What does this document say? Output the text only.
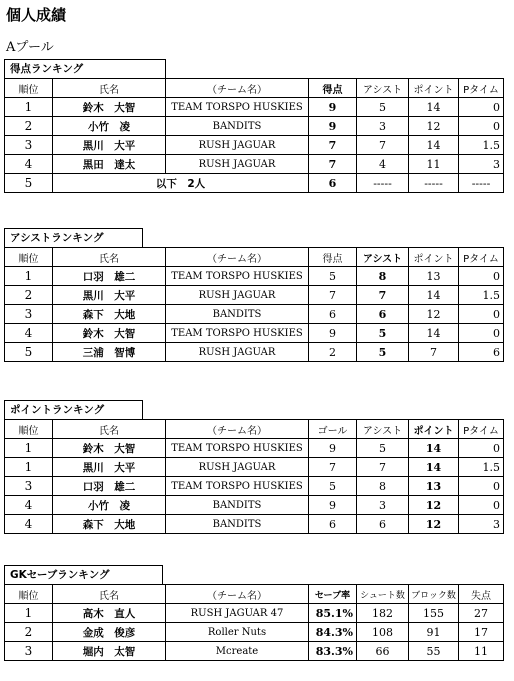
個人成績
Aプール
得点ランキング
順位	氏名	（チーム名）	得点	アシスト	ポイント	Pタイム
1	鈴木　大智	TEAM TORSPO HUSKIES	9	5	14	0
2	小竹　凌	BANDITS	9	3	12	0
3	黒川　大平	RUSH JAGUAR	7	7	14	1.5
4	黒田　達太	RUSH JAGUAR	7	4	11	3
5	以下　2人		6	-----	-----	-----
アシストランキング
順位	氏名	（チーム名）	得点	アシスト	ポイント	Pタイム
1	口羽　雄二	TEAM TORSPO HUSKIES	5	8	13	0
2	黒川　大平	RUSH JAGUAR	7	7	14	1.5
3	森下　大地	BANDITS	6	6	12	0
4	鈴木　大智	TEAM TORSPO HUSKIES	9	5	14	0
5	三浦　智博	RUSH JAGUAR	2	5	7	6
ポイントランキング
順位	氏名	（チーム名）	ゴール	アシスト	ポイント	Pタイム
1	鈴木　大智	TEAM TORSPO HUSKIES	9	5	14	0
1	黒川　大平	RUSH JAGUAR	7	7	14	1.5
3	口羽　雄二	TEAM TORSPO HUSKIES	5	8	13	0
4	小竹　凌	BANDITS	9	3	12	0
4	森下　大地	BANDITS	6	6	12	3
GKセーブランキング
順位	氏名	（チーム名）	セーブ率	シュート数	ブロック数	失点
1	高木　直人	RUSH JAGUAR 47	85.1%	182	155	27
2	金成　俊彦	Roller Nuts	84.3%	108	91	17
3	堀内　太智	Mcreate	83.3%	66	55	11
